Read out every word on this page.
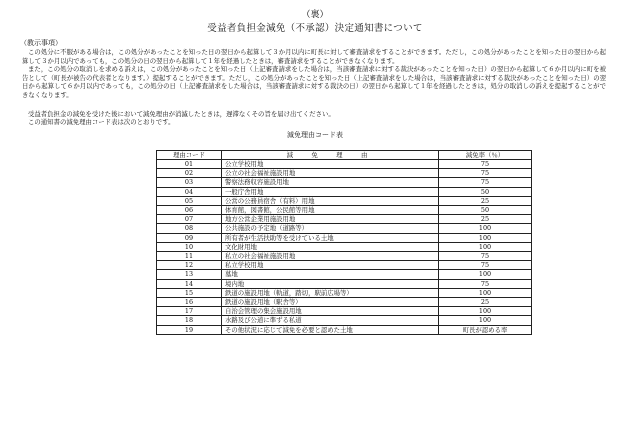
（裏）
受益者負担金減免（不承認）決定通知書について
（教示事項）
この処分に不服がある場合は，この処分があったことを知った日の翌日から起算して３か月以内に町長に対して審査請求をすることができます。ただし，この処分があったことを知った日の翌日から起算して３か月以内であっても，この処分の日の翌日から起算して１年を経過したときは，審査請求をすることができなくなります。
また，この処分の取消しを求める訴えは，この処分があったことを知った日（上記審査請求をした場合は，当該審査請求に対する裁決があったことを知った日）の翌日から起算して６か月以内に町を被告として（町長が被告の代表者となります。）提起することができます。ただし，この処分があったことを知った日（上記審査請求をした場合は，当該審査請求に対する裁決があったことを知った日）の翌日から起算して６か月以内であっても，この処分の日（上記審査請求をした場合は，当該審査請求に対する裁決の日）の翌日から起算して１年を経過したときは，処分の取消しの訴えを提起することができなくなります。
受益者負担金の減免を受けた後において減免理由が消滅したときは，遅滞なくその旨を届け出てください。
この通知書の減免理由コード表は次のとおりです。
減免理由コード表
理由コード	減　免　理　由	減免率（％）
01	公立学校用地	75
02	公立の社会福祉施設用地	75
03	警察法務収容施設用地	75
04	一般庁舎用地	50
05	公営の公務員宿舎（有料）用地	25
06	体育館，図書館，公民館等用地	50
07	地方公営企業用施設用地	25
08	公共施設の予定地（道路等）	100
09	所有者が生活扶助等を受けている土地	100
10	文化財用地	100
11	私立の社会福祉施設用地	75
12	私立学校用地	75
13	墓地	100
14	境内地	75
15	鉄道の施設用地（軌道，踏切，駅前広場等）	100
16	鉄道の施設用地（駅舎等）	25
17	自治会管理の集会施設用地	100
18	水路及び公道に準ずる私道	100
19	その他状況に応じて減免を必要と認めた土地	町長が認める率
